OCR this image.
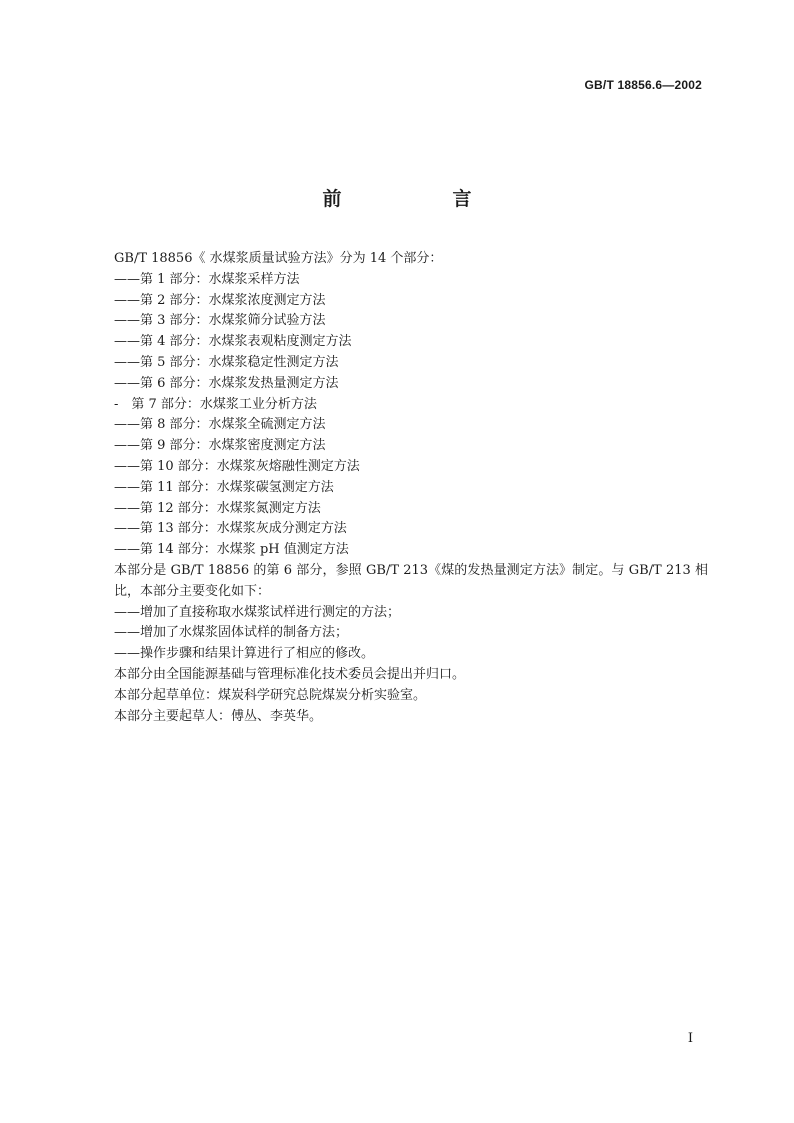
GB/T 18856.6—2002
前　言

GB/T 18856《 水煤浆质量试验方法》分为 14 个部分：

——第 1 部分：水煤浆采样方法

——第 2 部分：水煤浆浓度测定方法

——第 3 部分：水煤浆筛分试验方法

——第 4 部分：水煤浆表观粘度测定方法

——第 5 部分：水煤浆稳定性测定方法

——第 6 部分：水煤浆发热量测定方法

-　第 7 部分：水煤浆工业分析方法

——第 8 部分：水煤浆全硫测定方法

——第 9 部分：水煤浆密度测定方法

——第 10 部分：水煤浆灰熔融性测定方法

——第 11 部分：水煤浆碳氢测定方法

——第 12 部分：水煤浆氮测定方法

——第 13 部分：水煤浆灰成分测定方法

——第 14 部分：水煤浆 pH 值测定方法

本部分是 GB/T 18856 的第 6 部分，参照 GB/T 213《煤的发热量测定方法》制定。与 GB/T 213 相比，本部分主要变化如下：

——增加了直接称取水煤浆试样进行测定的方法；

——增加了水煤浆固体试样的制备方法；

——操作步骤和结果计算进行了相应的修改。

本部分由全国能源基础与管理标准化技术委员会提出并归口。

本部分起草单位：煤炭科学研究总院煤炭分析实验室。

本部分主要起草人：傅丛、李英华。

I
